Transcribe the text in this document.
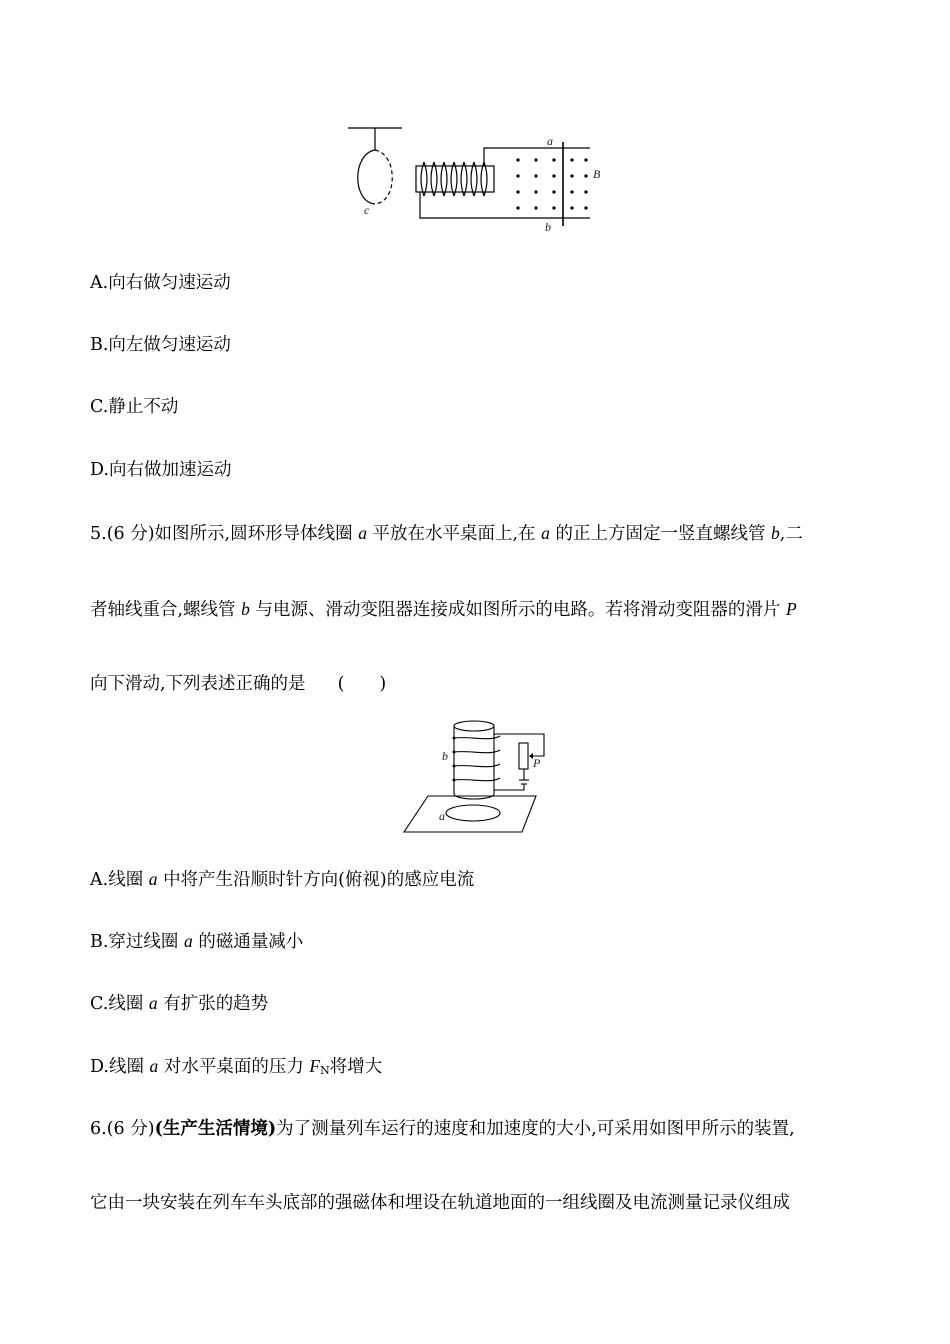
c
a
b
B
A.向右做匀速运动
B.向左做匀速运动
C.静止不动
D.向右做加速运动
5.(6 分)如图所示,圆环形导体线圈 a 平放在水平桌面上,在 a 的正上方固定一竖直螺线管 b,二
者轴线重合,螺线管 b 与电源、滑动变阻器连接成如图所示的电路。若将滑动变阻器的滑片 P
向下滑动,下列表述正确的是 (　　)
b	P
a
A.线圈 a 中将产生沿顺时针方向(俯视)的感应电流
B.穿过线圈 a 的磁通量减小
C.线圈 a 有扩张的趋势
D.线圈 a 对水平桌面的压力 $F_N$将增大
6.(6 分)(生产生活情境)为了测量列车运行的速度和加速度的大小,可采用如图甲所示的装置,
它由一块安装在列车车头底部的强磁体和埋设在轨道地面的一组线圈及电流测量记录仪组成
